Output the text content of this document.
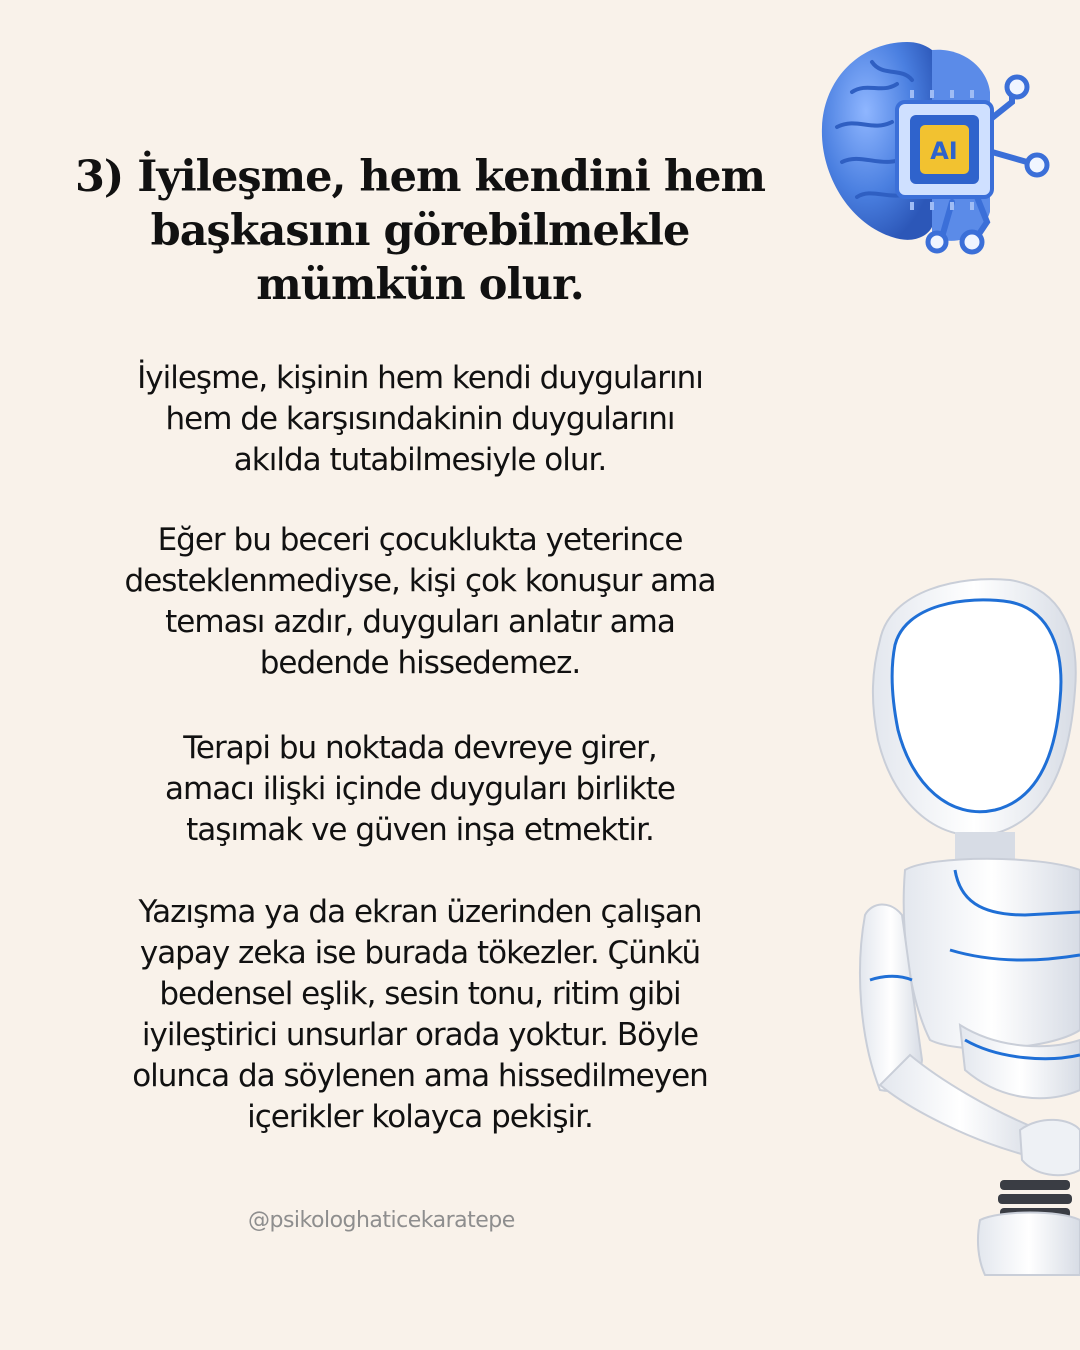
3) İyileşme, hem kendini hem başkasını görebilmekle mümkün olur.

İyileşme, kişinin hem kendi duygularını
hem de karşısındakinin duygularını
akılda tutabilmesiyle olur.

Eğer bu beceri çocuklukta yeterince
desteklenmediyse, kişi çok konuşur ama
teması azdır, duyguları anlatır ama
bedende hissedemez.

Terapi bu noktada devreye girer,
amacı ilişki içinde duyguları birlikte
taşımak ve güven inşa etmektir.

Yazışma ya da ekran üzerinden çalışan
yapay zeka ise burada tökezler. Çünkü
bedensel eşlik, sesin tonu, ritim gibi
iyileştirici unsurlar orada yoktur. Böyle
olunca da söylenen ama hissedilmeyen
içerikler kolayca pekişir.

@psikologhaticekaratepe
AI
